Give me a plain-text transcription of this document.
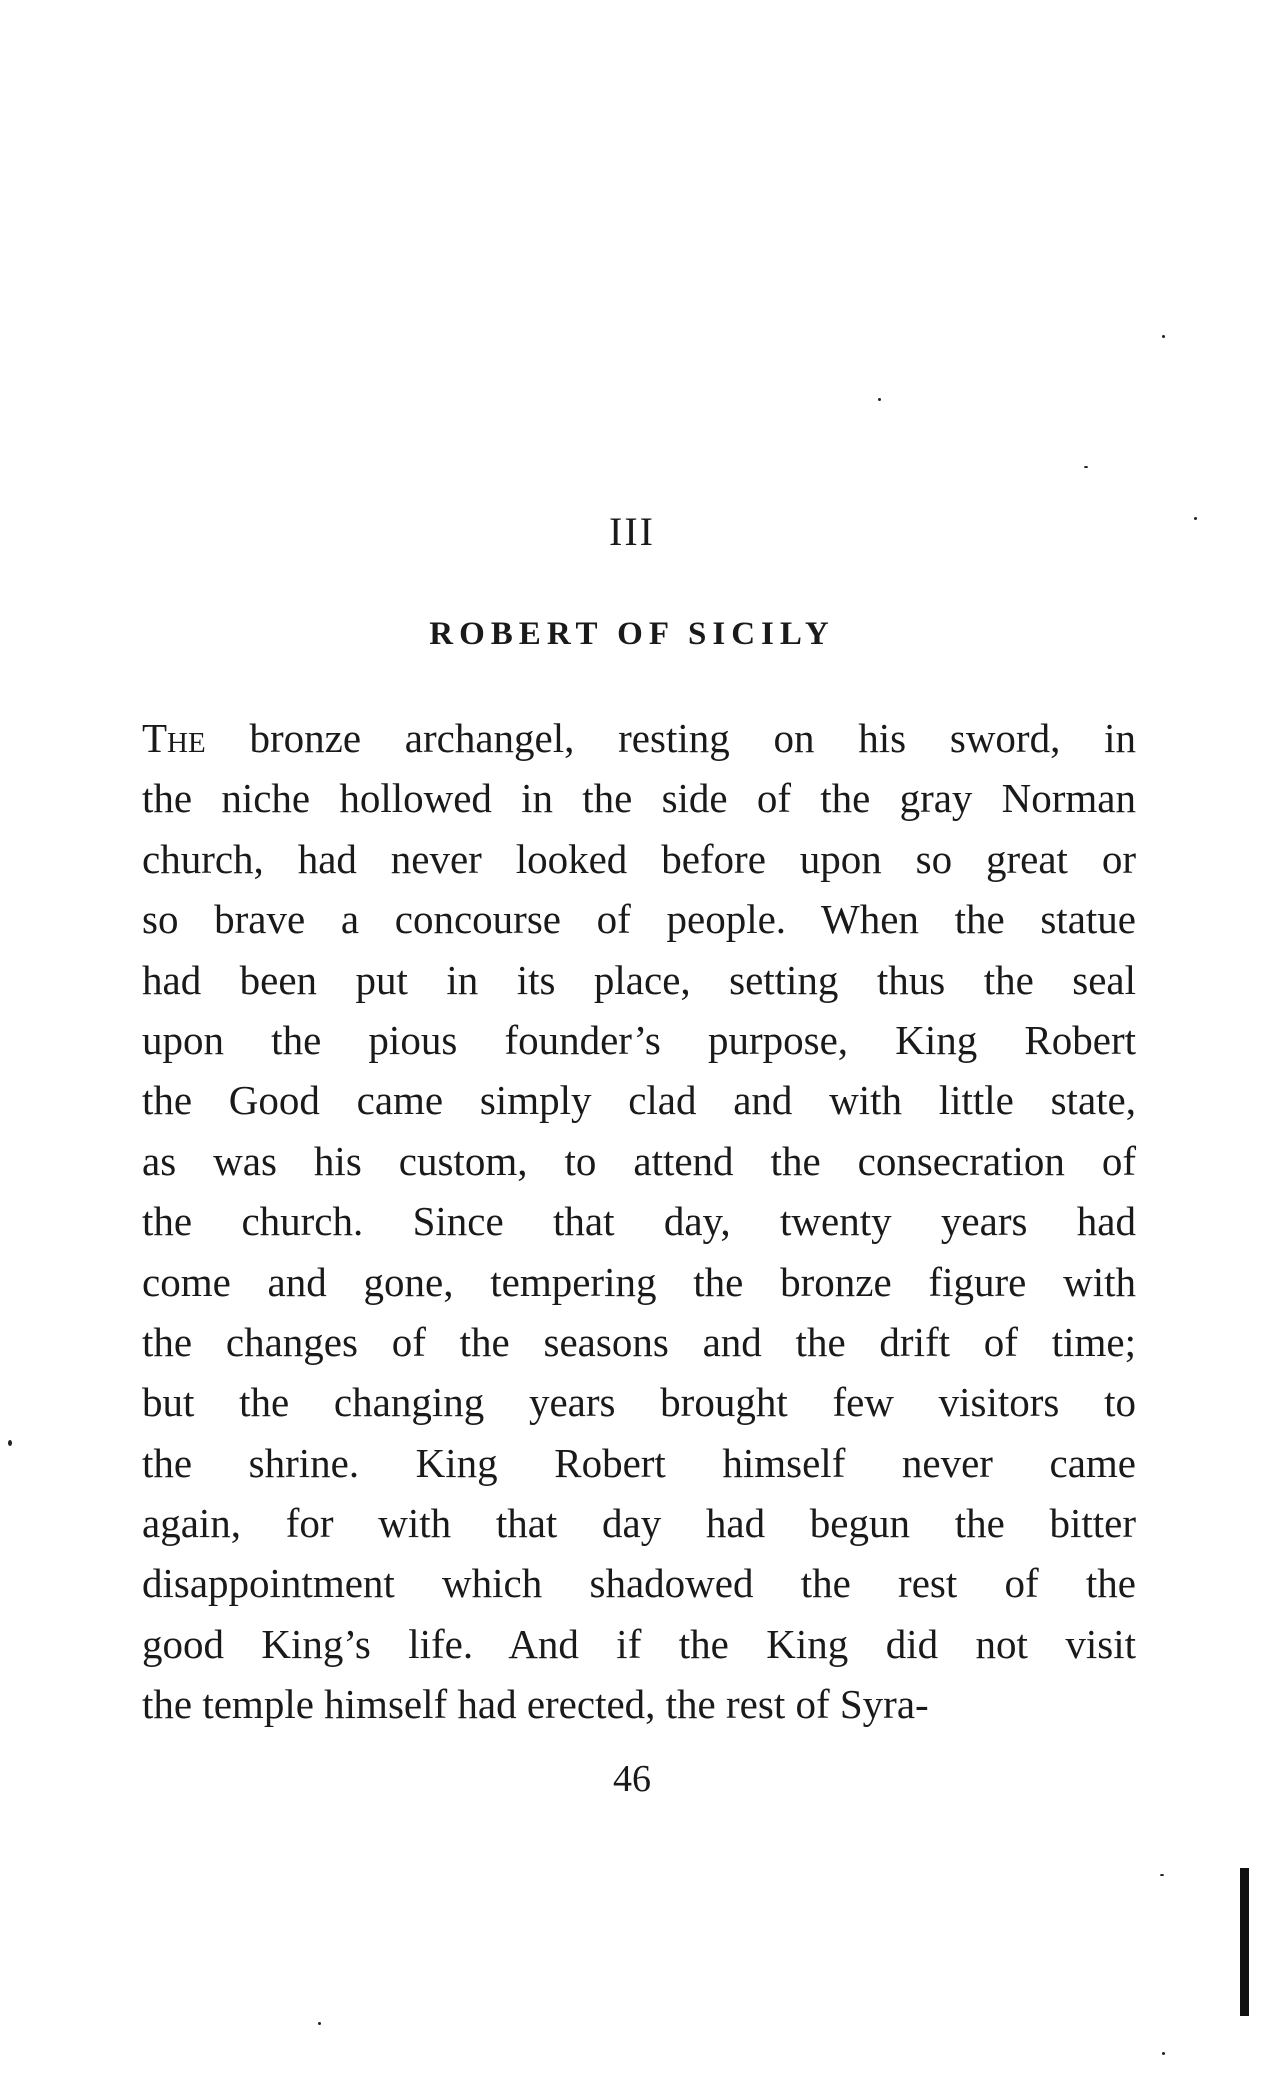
III
ROBERT OF SICILY
The bronze archangel, resting on his sword, in
the niche hollowed in the side of the gray Norman
church, had never looked before upon so great or
so brave a concourse of people. When the statue
had been put in its place, setting thus the seal
upon the pious founder’s purpose, King Robert
the Good came simply clad and with little state,
as was his custom, to attend the consecration of
the church. Since that day, twenty years had
come and gone, tempering the bronze figure with
the changes of the seasons and the drift of time;
but the changing years brought few visitors to
the shrine. King Robert himself never came
again, for with that day had begun the bitter
disappointment which shadowed the rest of the
good King’s life. And if the King did not visit
the temple himself had erected, the rest of Syra-
46
